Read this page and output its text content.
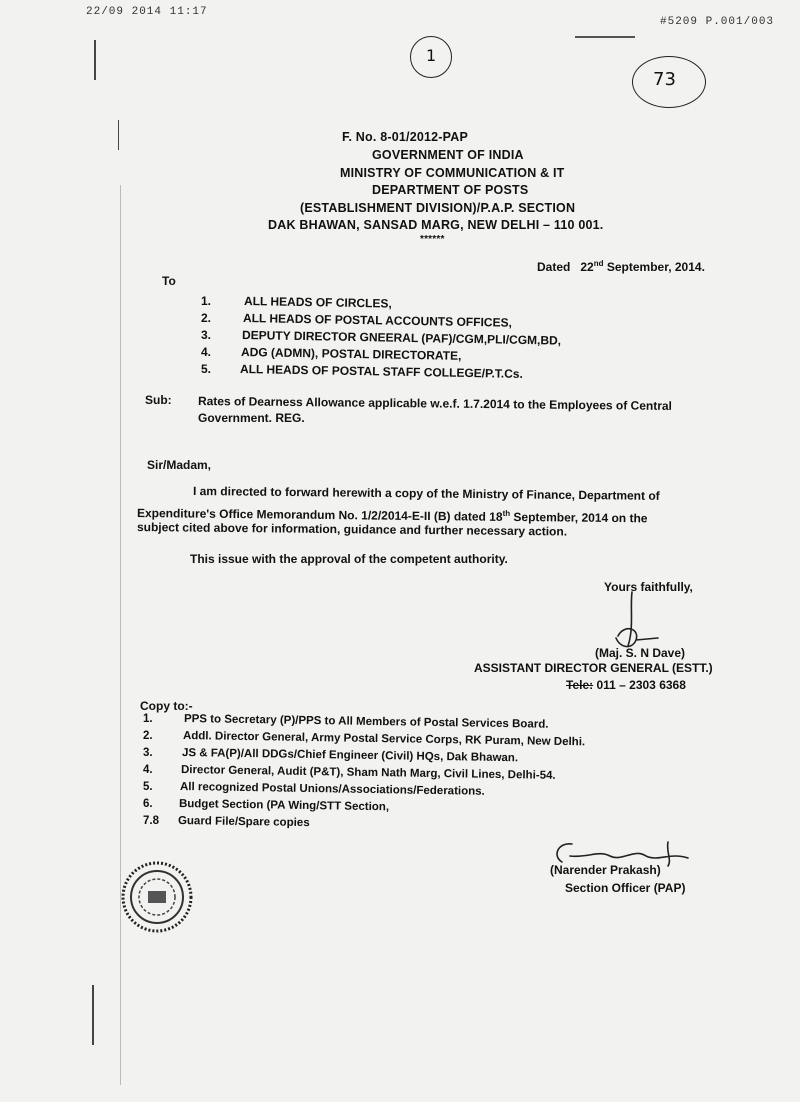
22/09 2014 11:17
#5209 P.001/003
1
73
F. No. 8-01/2012-PAP
GOVERNMENT OF INDIA
MINISTRY OF COMMUNICATION & IT
DEPARTMENT OF POSTS
(ESTABLISHMENT DIVISION)/P.A.P. SECTION
DAK BHAWAN, SANSAD MARG, NEW DELHI – 110 001.
******
Dated 22nd September, 2014.
To
1.	ALL HEADS OF CIRCLES,
2.	ALL HEADS OF POSTAL ACCOUNTS OFFICES,
3.	DEPUTY DIRECTOR GNEERAL (PAF)/CGM,PLI/CGM,BD,
4. ADG (ADMN), POSTAL DIRECTORATE,
5. ALL HEADS OF POSTAL STAFF COLLEGE/P.T.Cs.
Sub: Rates of Dearness Allowance applicable w.e.f. 1.7.2014 to the Employees of Central
Government. REG.
Sir/Madam,
I am directed to forward herewith a copy of the Ministry of Finance, Department of
Expenditure's Office Memorandum No. 1/2/2014-E-II (B) dated 18th September, 2014 on the
subject cited above for information, guidance and further necessary action.
This issue with the approval of the competent authority.
Yours faithfully,
(Maj. S. N Dave)
ASSISTANT DIRECTOR GENERAL (ESTT.)
Tele: 011 – 2303 6368
Copy to:-
1.	PPS to Secretary (P)/PPS to All Members of Postal Services Board.
2.	Addl. Director General, Army Postal Service Corps, RK Puram, New Delhi.
3.	JS & FA(P)/All DDGs/Chief Engineer (Civil) HQs, Dak Bhawan.
4. Director General, Audit (P&T), Sham Nath Marg, Civil Lines, Delhi-54.
5. All recognized Postal Unions/Associations/Federations.
6. Budget Section (PA Wing/STT Section,
7.8 Guard File/Spare copies
(Narender Prakash)
Section Officer (PAP)
